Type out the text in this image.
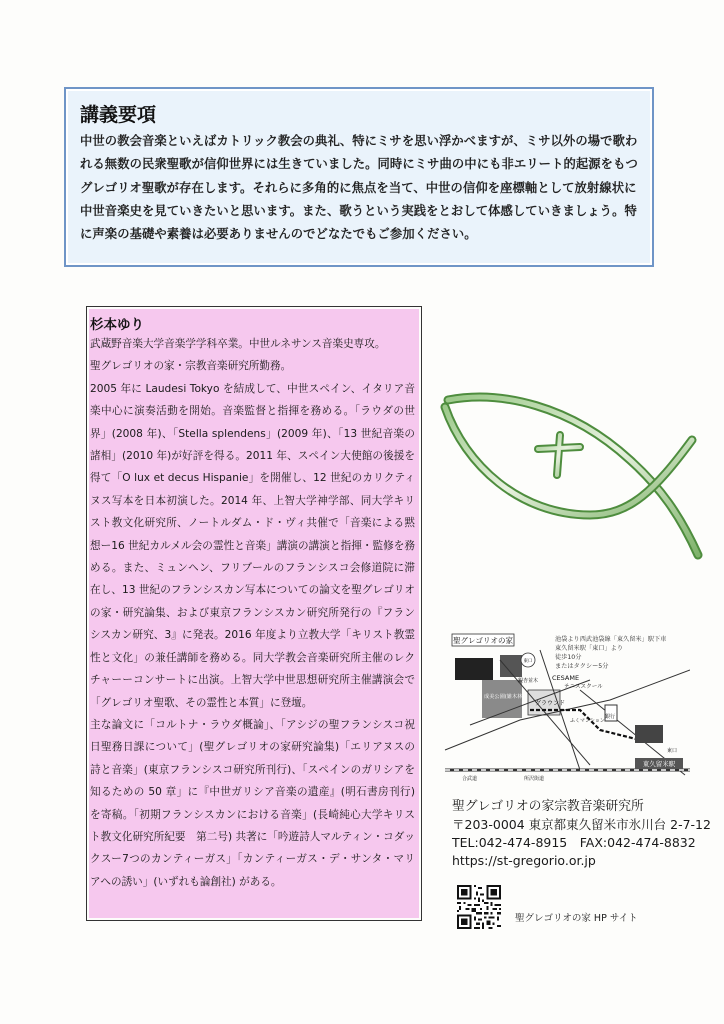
講義要項
中世の教会音楽といえばカトリック教会の典礼、特にミサを思い浮かべますが、ミサ以外の場で歌われる無数の民衆聖歌が信仰世界には生きていました。同時にミサ曲の中にも非エリート的起源をもつグレゴリオ聖歌が存在します。それらに多角的に焦点を当て、中世の信仰を座標軸として放射線状に中世音楽史を見ていきたいと思います。また、歌うという実践をとおして体感していきましょう。特に声楽の基礎や素養は必要ありませんのでどなたでもご参加ください。
杉本ゆり

武蔵野音楽大学音楽学学科卒業。中世ルネサンス音楽史専攻。

聖グレゴリオの家・宗教音楽研究所勤務。

2005 年に Laudesi Tokyo を結成して、中世スペイン、イタリア音楽中心に演奏活動を開始。音楽監督と指揮を務める。「ラウダの世界」(2008 年)、「Stella splendens」(2009 年)、「13 世紀音楽の諸相」(2010 年)が好評を得る。2011 年、スペイン大使館の後援を得て「O lux et decus Hispanie」を開催し、12 世紀のカリクティヌス写本を日本初演した。2014 年、上智大学神学部、同大学キリスト教文化研究所、ノートルダム・ド・ヴィ共催で「音楽による黙想ー16 世紀カルメル会の霊性と音楽」講演の講演と指揮・監修を務める。また、ミュンヘン、フリブールのフランシスコ会修道院に滞在し、13 世紀のフランシスカン写本についての論文を聖グレゴリオの家・研究論集、および東京フランシスカン研究所発行の『フランシスカン研究、3』に発表。2016 年度より立教大学「キリスト教霊性と文化」の兼任講師を務める。同大学教会音楽研究所主催のレクチャーーコンサートに出演。上智大学中世思想研究所主催講演会で「グレゴリオ聖歌、その霊性と本質」に登壇。

主な論文に「コルトナ・ラウダ概論」、「アシジの聖フランシスコ祝日聖務日課について」(聖グレゴリオの家研究論集)「エリアヌスの詩と音楽」(東京フランシスコ研究所刊行)、「スペインのガリシアを知るための 50 章」に『中世ガリシア音楽の遺産』(明石書房刊行) を寄稿。「初期フランシスカンにおける音楽」(長崎純心大学キリスト教文化研究所紀要　第二号) 共著に「吟遊詩人マルティン・コダックスー7つのカンティーガス」「カンティーガス・デ・サンタ・マリアへの誘い」(いずれも論創社) がある。

東久留米駅
聖グレゴリオの家
成美公園(雑木林)
CESAME
テニススクール
グラウンド
銀杏並木
ふくマンション
銀行
所沢街道
合武道
東口
東口
池袋より西武池袋線「東久留米」駅下車
東久留米駅「東口」より
徒歩10分
またはタクシー5分
聖グレゴリオの家宗教音楽研究所
〒203-0004 東京都東久留米市氷川台 2-7-12
TEL:042-474-8915　FAX:042-474-8832
https://st-gregorio.or.jp
聖グレゴリオの家 HP サイト
